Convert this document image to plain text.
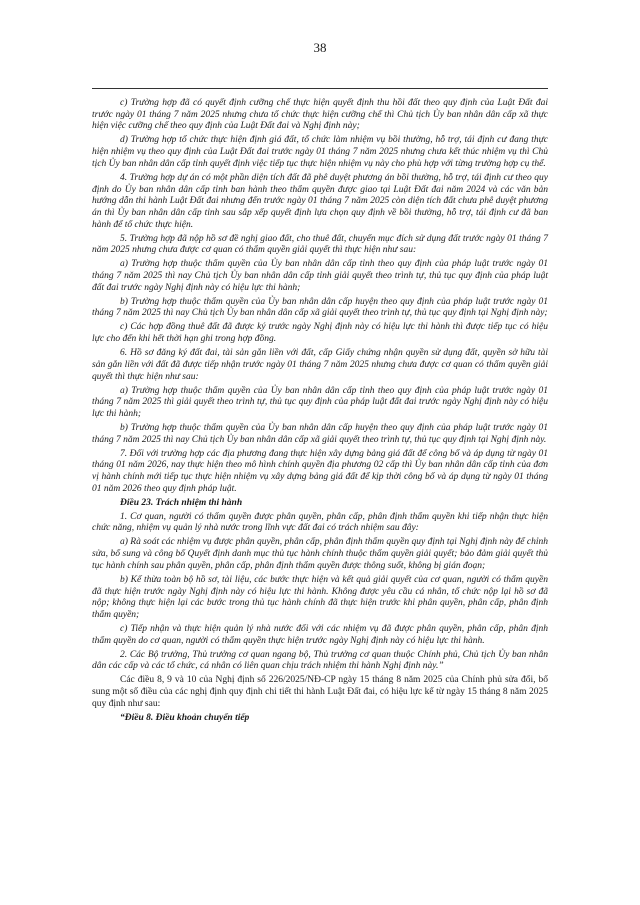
38

c) Trường hợp đã có quyết định cưỡng chế thực hiện quyết định thu hồi đất theo quy định của Luật Đất đai trước ngày 01 tháng 7 năm 2025 nhưng chưa tổ chức thực hiện cưỡng chế thì Chủ tịch Ủy ban nhân dân cấp xã thực hiện việc cưỡng chế theo quy định của Luật Đất đai và Nghị định này;

d) Trường hợp tổ chức thực hiện định giá đất, tổ chức làm nhiệm vụ bồi thường, hỗ trợ, tái định cư đang thực hiện nhiệm vụ theo quy định của Luật Đất đai trước ngày 01 tháng 7 năm 2025 nhưng chưa kết thúc nhiệm vụ thì Chủ tịch Ủy ban nhân dân cấp tỉnh quyết định việc tiếp tục thực hiện nhiệm vụ này cho phù hợp với từng trường hợp cụ thể.

4. Trường hợp dự án có một phần diện tích đất đã phê duyệt phương án bồi thường, hỗ trợ, tái định cư theo quy định do Ủy ban nhân dân cấp tỉnh ban hành theo thẩm quyền được giao tại Luật Đất đai năm 2024 và các văn bản hướng dẫn thi hành Luật Đất đai nhưng đến trước ngày 01 tháng 7 năm 2025 còn diện tích đất chưa phê duyệt phương án thì Ủy ban nhân dân cấp tỉnh sau sắp xếp quyết định lựa chọn quy định về bồi thường, hỗ trợ, tái định cư đã ban hành để tổ chức thực hiện.

5. Trường hợp đã nộp hồ sơ đề nghị giao đất, cho thuê đất, chuyển mục đích sử dụng đất trước ngày 01 tháng 7 năm 2025 nhưng chưa được cơ quan có thẩm quyền giải quyết thì thực hiện như sau:

a) Trường hợp thuộc thẩm quyền của Ủy ban nhân dân cấp tỉnh theo quy định của pháp luật trước ngày 01 tháng 7 năm 2025 thì nay Chủ tịch Ủy ban nhân dân cấp tỉnh giải quyết theo trình tự, thủ tục quy định của pháp luật đất đai trước ngày Nghị định này có hiệu lực thi hành;

b) Trường hợp thuộc thẩm quyền của Ủy ban nhân dân cấp huyện theo quy định của pháp luật trước ngày 01 tháng 7 năm 2025 thì nay Chủ tịch Ủy ban nhân dân cấp xã giải quyết theo trình tự, thủ tục quy định tại Nghị định này;

c) Các hợp đồng thuê đất đã được ký trước ngày Nghị định này có hiệu lực thi hành thì được tiếp tục có hiệu lực cho đến khi hết thời hạn ghi trong hợp đồng.

6. Hồ sơ đăng ký đất đai, tài sản gắn liền với đất, cấp Giấy chứng nhận quyền sử dụng đất, quyền sở hữu tài sản gắn liền với đất đã được tiếp nhận trước ngày 01 tháng 7 năm 2025 nhưng chưa được cơ quan có thẩm quyền giải quyết thì thực hiện như sau:

a) Trường hợp thuộc thẩm quyền của Ủy ban nhân dân cấp tỉnh theo quy định của pháp luật trước ngày 01 tháng 7 năm 2025 thì giải quyết theo trình tự, thủ tục quy định của pháp luật đất đai trước ngày Nghị định này có hiệu lực thi hành;

b) Trường hợp thuộc thẩm quyền của Ủy ban nhân dân cấp huyện theo quy định của pháp luật trước ngày 01 tháng 7 năm 2025 thì nay Chủ tịch Ủy ban nhân dân cấp xã giải quyết theo trình tự, thủ tục quy định tại Nghị định này.

7. Đối với trường hợp các địa phương đang thực hiện xây dựng bảng giá đất để công bố và áp dụng từ ngày 01 tháng 01 năm 2026, nay thực hiện theo mô hình chính quyền địa phương 02 cấp thì Ủy ban nhân dân cấp tỉnh của đơn vị hành chính mới tiếp tục thực hiện nhiệm vụ xây dựng bảng giá đất để kịp thời công bố và áp dụng từ ngày 01 tháng 01 năm 2026 theo quy định pháp luật.

Điều 23. Trách nhiệm thi hành

1. Cơ quan, người có thẩm quyền được phân quyền, phân cấp, phân định thẩm quyền khi tiếp nhận thực hiện chức năng, nhiệm vụ quản lý nhà nước trong lĩnh vực đất đai có trách nhiệm sau đây:

a) Rà soát các nhiệm vụ được phân quyền, phân cấp, phân định thẩm quyền quy định tại Nghị định này để chỉnh sửa, bổ sung và công bố Quyết định danh mục thủ tục hành chính thuộc thẩm quyền giải quyết; bảo đảm giải quyết thủ tục hành chính sau phân quyền, phân cấp, phân định thẩm quyền được thông suốt, không bị gián đoạn;

b) Kế thừa toàn bộ hồ sơ, tài liệu, các bước thực hiện và kết quả giải quyết của cơ quan, người có thẩm quyền đã thực hiện trước ngày Nghị định này có hiệu lực thi hành. Không được yêu cầu cá nhân, tổ chức nộp lại hồ sơ đã nộp; không thực hiện lại các bước trong thủ tục hành chính đã thực hiện trước khi phân quyền, phân cấp, phân định thẩm quyền;

c) Tiếp nhận và thực hiện quản lý nhà nước đối với các nhiệm vụ đã được phân quyền, phân cấp, phân định thẩm quyền do cơ quan, người có thẩm quyền thực hiện trước ngày Nghị định này có hiệu lực thi hành.

2. Các Bộ trưởng, Thủ trưởng cơ quan ngang bộ, Thủ trưởng cơ quan thuộc Chính phủ, Chủ tịch Ủy ban nhân dân các cấp và các tổ chức, cá nhân có liên quan chịu trách nhiệm thi hành Nghị định này.”

Các điều 8, 9 và 10 của Nghị định số 226/2025/NĐ-CP ngày 15 tháng 8 năm 2025 của Chính phủ sửa đổi, bổ sung một số điều của các nghị định quy định chi tiết thi hành Luật Đất đai, có hiệu lực kể từ ngày 15 tháng 8 năm 2025 quy định như sau:

“Điều 8. Điều khoản chuyển tiếp
